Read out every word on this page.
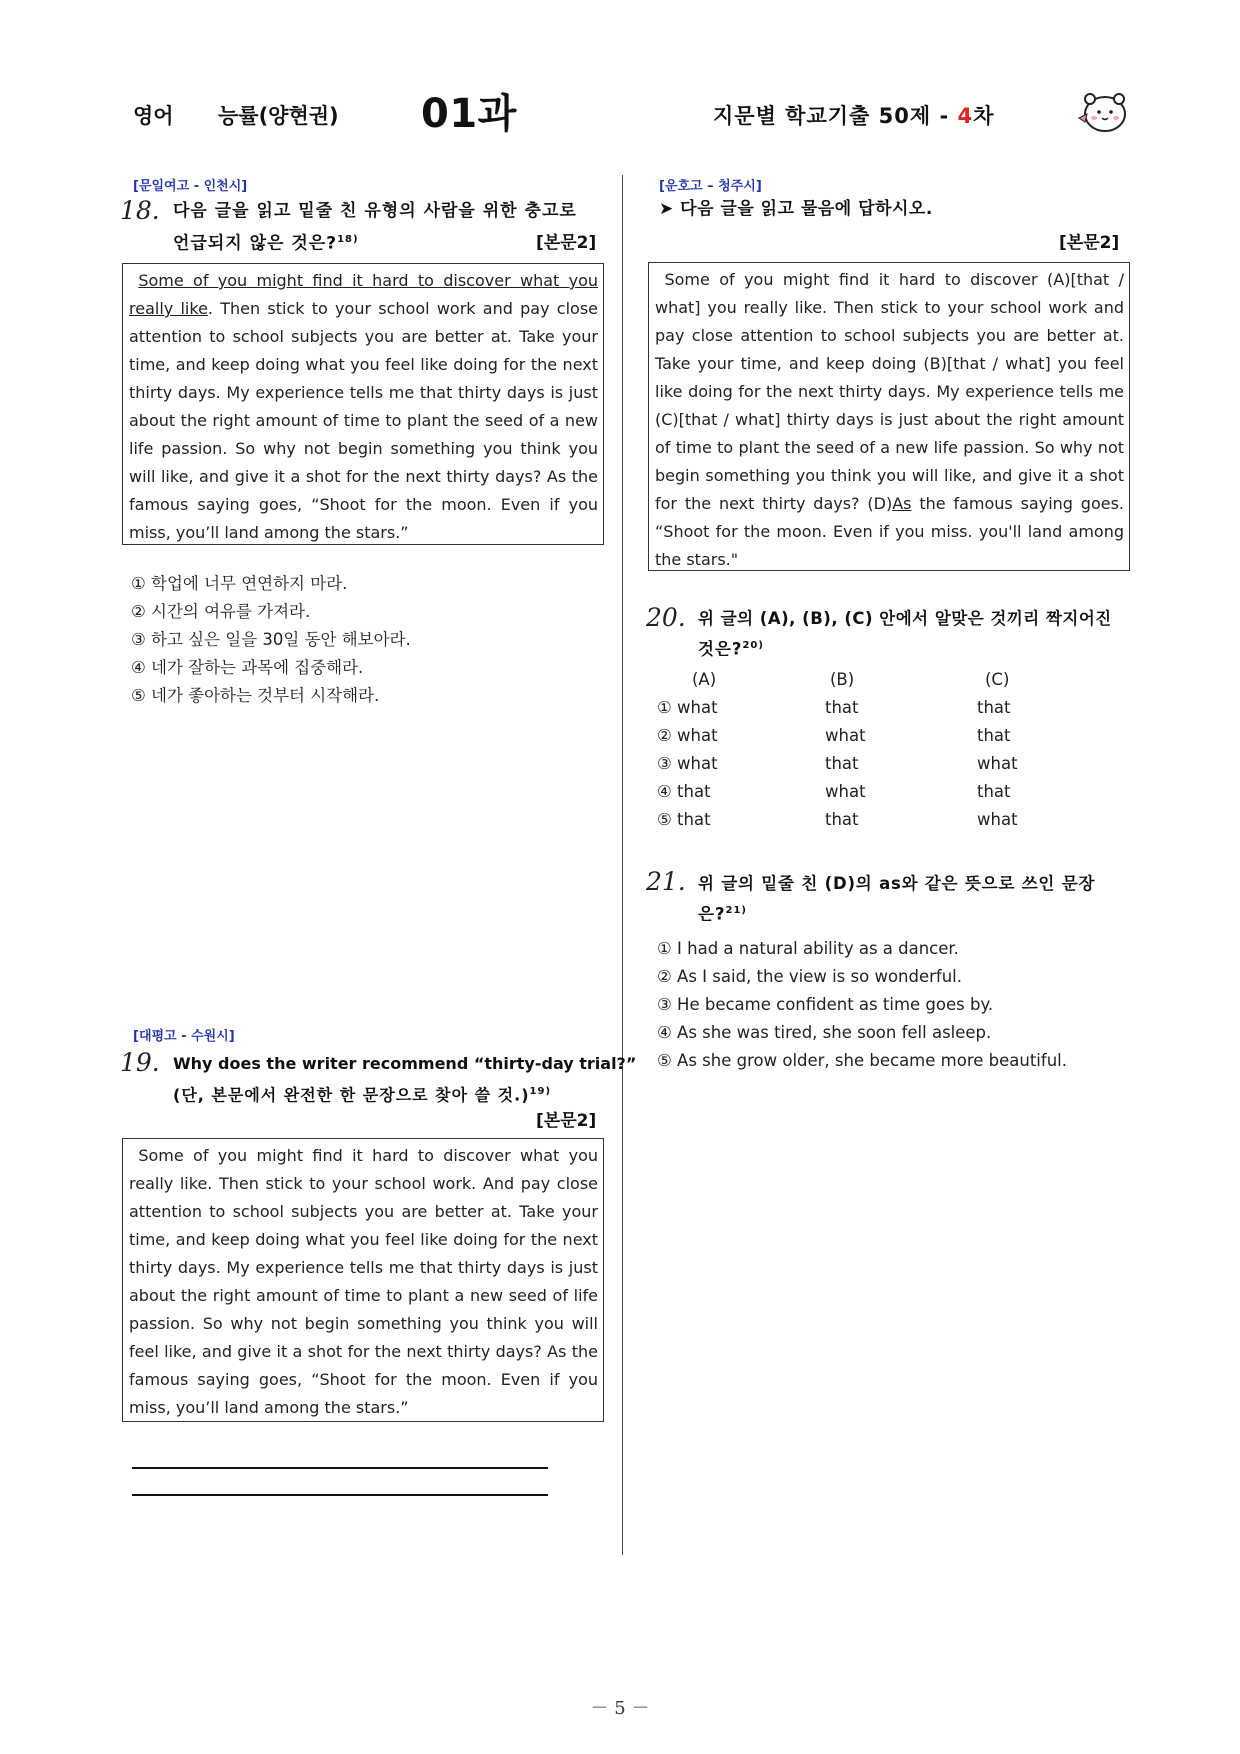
영어 능률(양현권) 01과	지문별 학교기출 50제 - 4차
[문일여고 - 인천시]
18. 다음 글을 읽고 밑줄 친 유형의 사람을 위한 충고로
언급되지 않은 것은?$^{18)}$	[본문2]
Some of you might find it hard to discover what you really like. Then stick to your school work and pay close attention to school subjects you are better at. Take your time, and keep doing what you feel like doing for the next thirty days. My experience tells me that thirty days is just about the right amount of time to plant the seed of a new life passion. So why not begin something you think you will like, and give it a shot for the next thirty days? As the famous saying goes, “Shoot for the moon. Even if you miss, you’ll land among the stars.”
① 학업에 너무 연연하지 마라.
② 시간의 여유를 가져라.
③ 하고 싶은 일을 30일 동안 해보아라.
④ 네가 잘하는 과목에 집중해라.
⑤ 네가 좋아하는 것부터 시작해라.
[대평고 - 수원시]
19. Why does the writer recommend “thirty-day trial?”
(단, 본문에서 완전한 한 문장으로 찾아 쓸 것.)$^{19)}$
[본문2]
Some of you might find it hard to discover what you really like. Then stick to your school work. And pay close attention to school subjects you are better at. Take your time, and keep doing what you feel like doing for the next thirty days. My experience tells me that thirty days is just about the right amount of time to plant a new seed of life passion. So why not begin something you think you will feel like, and give it a shot for the next thirty days? As the famous saying goes, “Shoot for the moon. Even if you miss, you’ll land among the stars.”
[운호고 – 청주시]
➤ 다음 글을 읽고 물음에 답하시오.
[본문2]
Some of you might find it hard to discover (A)[that / what] you really like. Then stick to your school work and pay close attention to school subjects you are better at. Take your time, and keep doing (B)[that / what] you feel like doing for the next thirty days. My experience tells me (C)[that / what] thirty days is just about the right amount of time to plant the seed of a new life passion. So why not begin something you think you will like, and give it a shot for the next thirty days? (D)As the famous saying goes. “Shoot for the moon. Even if you miss. you'll land among the stars."
20. 위 글의 (A), (B), (C) 안에서 알맞은 것끼리 짝지어진
것은?$^{20)}$
(A)	(B)	(C)
① what	that	that
② what	what	that
③ what	that	what
④ that	what	that
⑤ that	that	what
21. 위 글의 밑줄 친 (D)의 as와 같은 뜻으로 쓰인 문장
은?$^{21)}$
① I had a natural ability as a dancer.
② As I said, the view is so wonderful.
③ He became confident as time goes by.
④ As she was tired, she soon fell asleep.
⑤ As she grow older, she became more beautiful.
－ 5 －
